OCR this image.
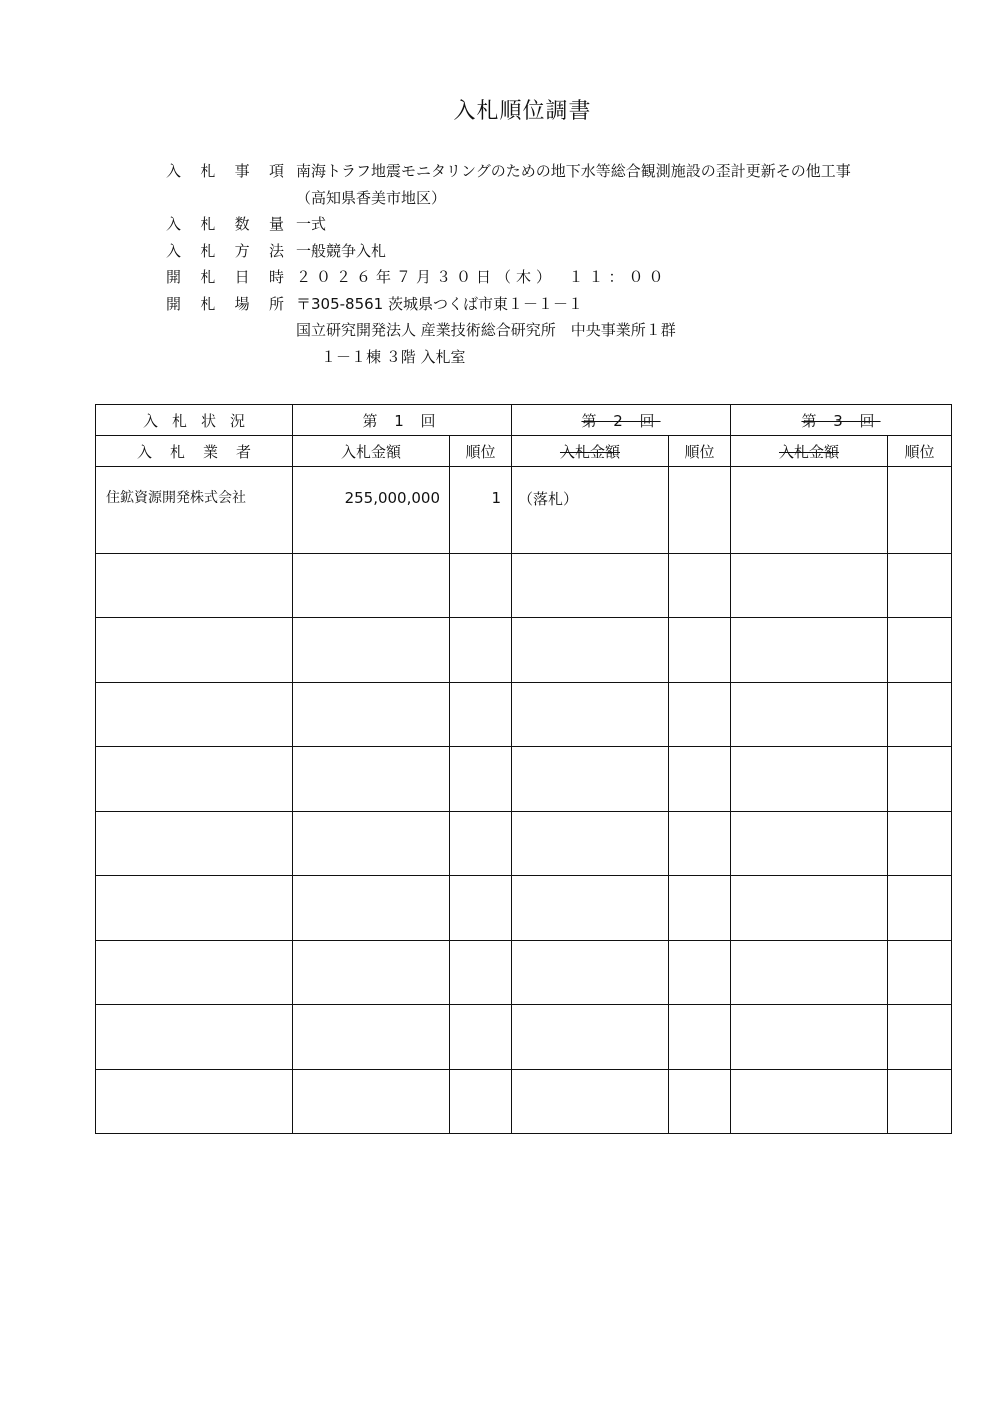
入札順位調書
入 札 事 項 南海トラフ地震モニタリングのための地下水等総合観測施設の歪計更新その他工事
（高知県香美市地区）
入 札 数 量 一式
入 札 方 法 一般競争入札
開 札 日 時 ２０２６年７月３０日（木）　１１：００
開 札 場 所 〒305-8561 茨城県つくば市東１－１－１
国立研究開発法人 産業技術総合研究所　中央事業所１群
１－１棟 ３階 入札室
入札状況	第 1 回		第 2 回		第 3 回	
入札業者	入札金額	順位	入札金額	順位	入札金額	順位
住鉱資源開発株式会社	255,000,000	1	（落札）			
